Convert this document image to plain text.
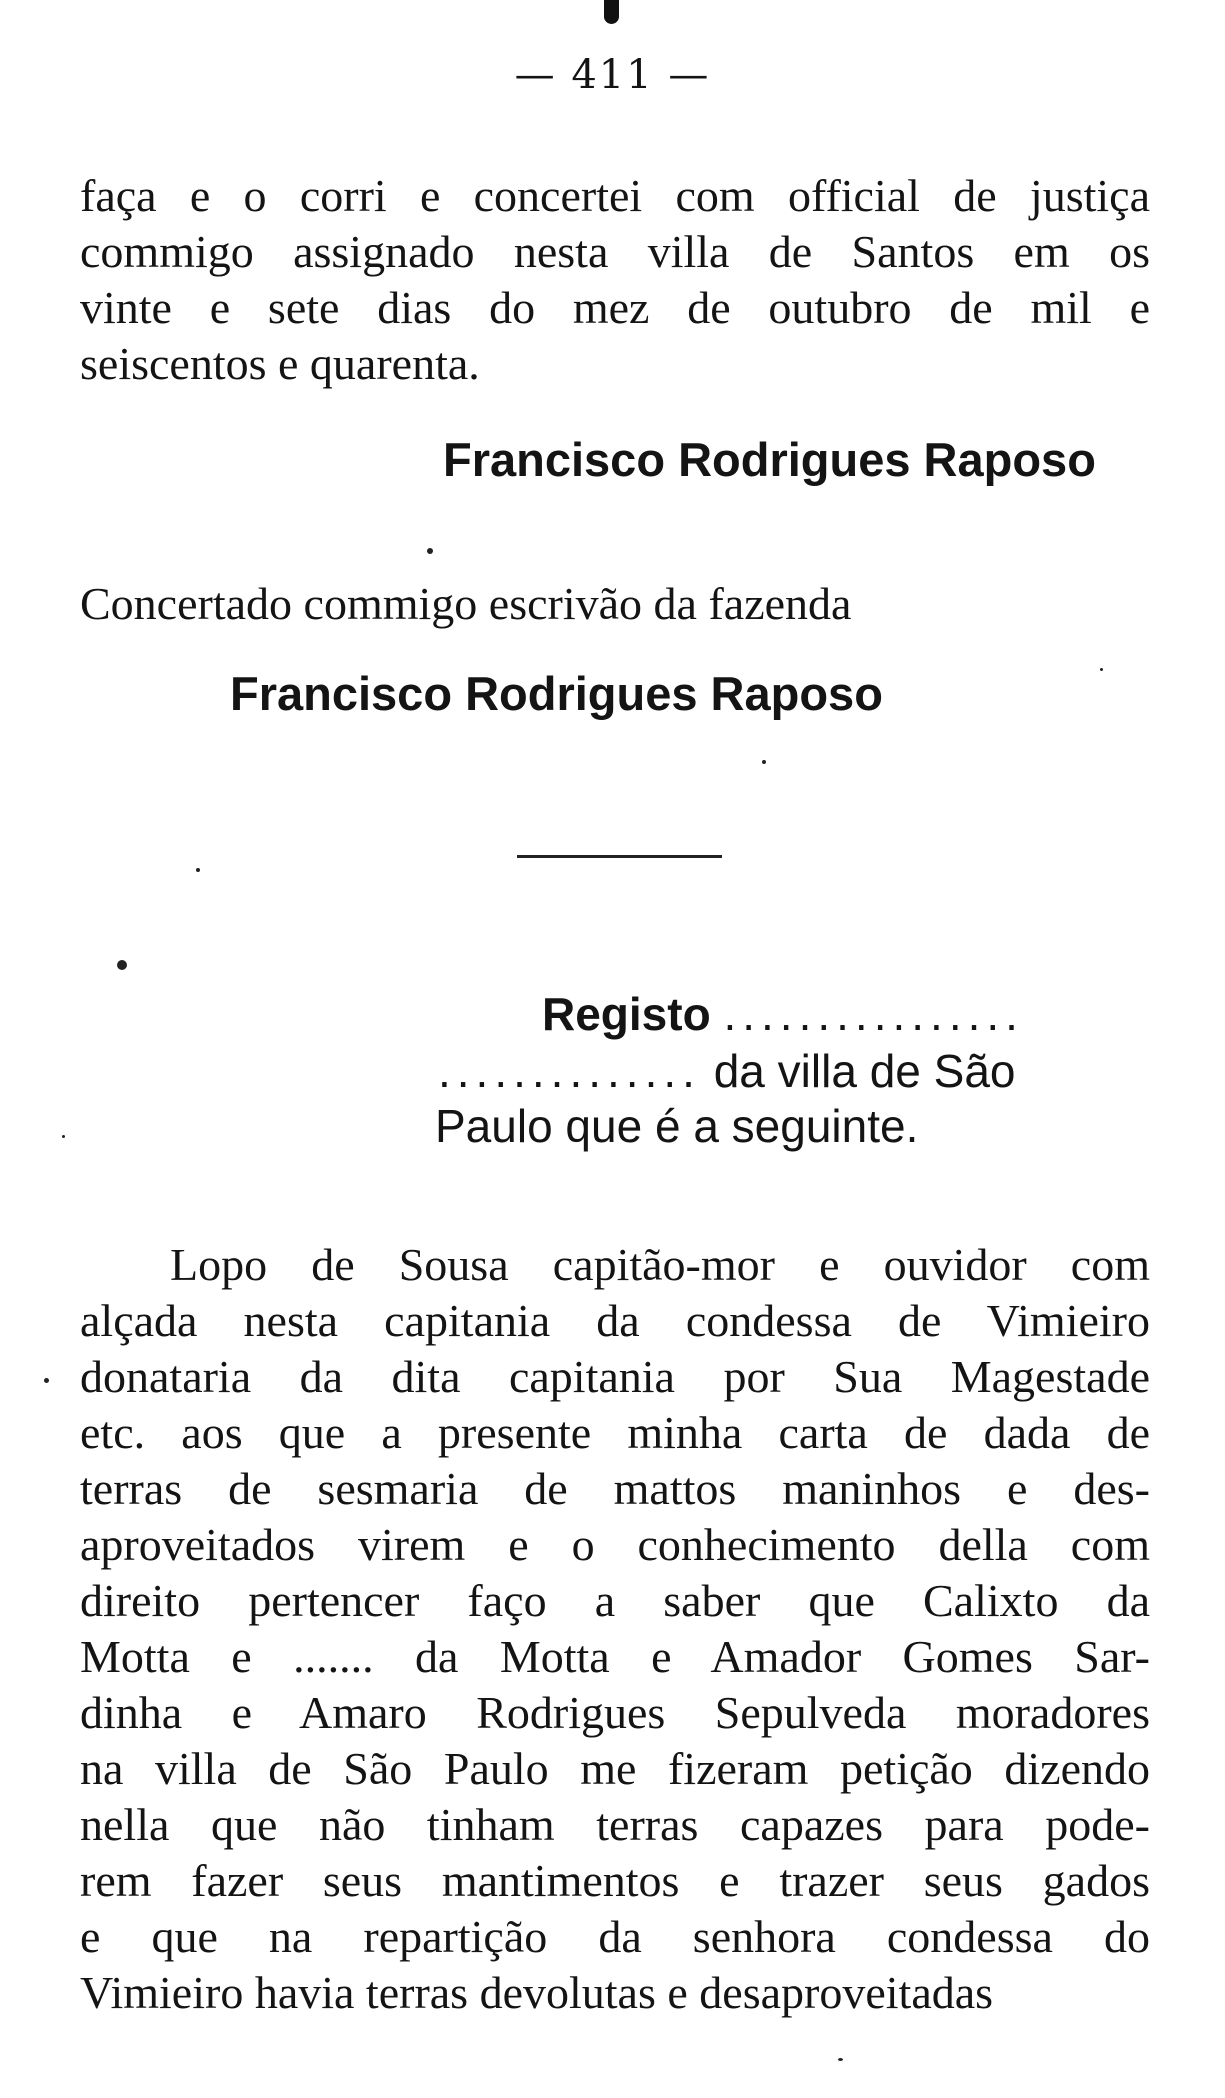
— 411 —
faça e o corri e concertei com official de justiça
commigo assignado nesta villa de Santos em os
vinte e sete dias do mez de outubro de mil e
seiscentos e quarenta.
Francisco Rodrigues Raposo
Concertado commigo escrivão da fazenda
Francisco Rodrigues Raposo
Registo ................
.............. da villa de São
Paulo que é a seguinte.
Lopo de Sousa capitão-mor e ouvidor com
alçada nesta capitania da condessa de Vimieiro
donataria da dita capitania por Sua Magestade
etc. aos que a presente minha carta de dada de
terras de sesmaria de mattos maninhos e des-
aproveitados virem e o conhecimento della com
direito pertencer faço a saber que Calixto da
Motta e ....... da Motta e Amador Gomes Sar-
dinha e Amaro Rodrigues Sepulveda moradores
na villa de São Paulo me fizeram petição dizendo
nella que não tinham terras capazes para pode-
rem fazer seus mantimentos e trazer seus gados
e que na repartição da senhora condessa do
Vimieiro havia terras devolutas e desaproveitadas
